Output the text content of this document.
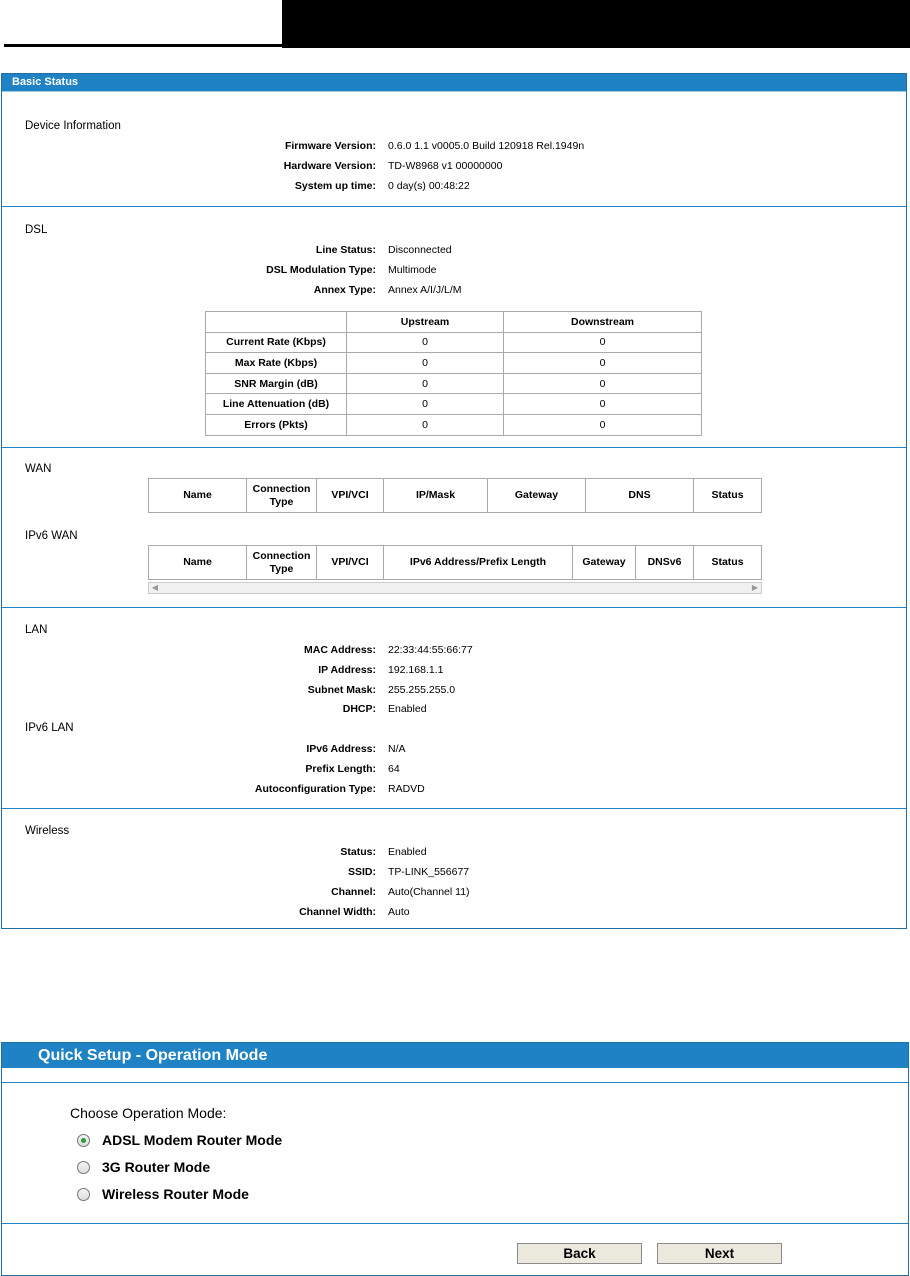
Basic Status
Device Information
Firmware Version: 0.6.0 1.1 v0005.0 Build 120918 Rel.1949n
Hardware Version: TD-W8968 v1 00000000
System up time: 0 day(s) 00:48:22
DSL
Line Status: Disconnected
DSL Modulation Type: Multimode
Annex Type: Annex A/I/J/L/M
	Upstream	Downstream
Current Rate (Kbps)	0	0
Max Rate (Kbps)	0	0
SNR Margin (dB)	0	0
Line Attenuation (dB)	0	0
Errors (Pkts)	0	0
WAN
Name	Connection Type	VPI/VCI	IP/Mask	Gateway	DNS	Status
IPv6 WAN
Name	Connection Type	VPI/VCI	IPv6 Address/Prefix Length	Gateway	DNSv6	Status
◀	▶
LAN
MAC Address: 22:33:44:55:66:77
IP Address: 192.168.1.1
Subnet Mask: 255.255.255.0
DHCP: Enabled
IPv6 LAN
IPv6 Address: N/A
Prefix Length: 64
Autoconfiguration Type: RADVD
Wireless
Status: Enabled
SSID: TP-LINK_556677
Channel: Auto(Channel 11)
Channel Width: Auto
Quick Setup - Operation Mode
Choose Operation Mode:
ADSL Modem Router Mode
3G Router Mode
Wireless Router Mode
Back	Next
